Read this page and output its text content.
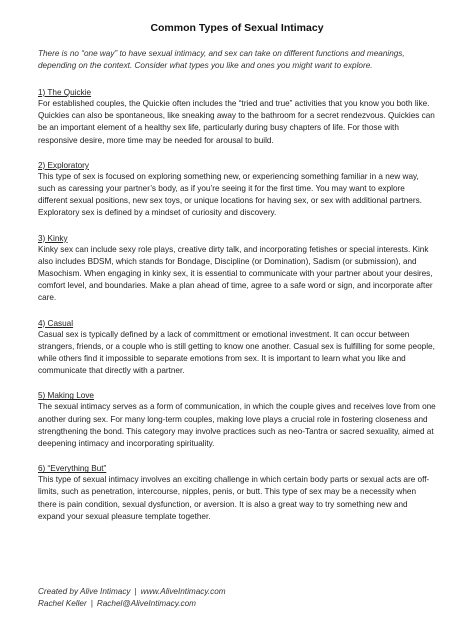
Common Types of Sexual Intimacy

There is no “one way” to have sexual intimacy, and sex can take on different functions and meanings, depending on the context. Consider what types you like and ones you might want to explore.

1) The Quickie

For established couples, the Quickie often includes the “tried and true” activities that you know you both like. Quickies can also be spontaneous, like sneaking away to the bathroom for a secret rendezvous. Quickies can be an important element of a healthy sex life, particularly during busy chapters of life. For those with responsive desire, more time may be needed for arousal to build.

2) Exploratory

This type of sex is focused on exploring something new, or experiencing something familiar in a new way, such as caressing your partner’s body, as if you’re seeing it for the first time. You may want to explore different sexual positions, new sex toys, or unique locations for having sex, or sex with additional partners. Exploratory sex is defined by a mindset of curiosity and discovery.

3) Kinky

Kinky sex can include sexy role plays, creative dirty talk, and incorporating fetishes or special interests. Kink also includes BDSM, which stands for Bondage, Discipline (or Domination), Sadism (or submission), and Masochism. When engaging in kinky sex, it is essential to communicate with your partner about your desires, comfort level, and boundaries. Make a plan ahead of time, agree to a safe word or sign, and incorporate after care.

4) Casual

Casual sex is typically defined by a lack of committment or emotional investment. It can occur between strangers, friends, or a couple who is still getting to know one another. Casual sex is fulfilling for some people, while others find it impossible to separate emotions from sex. It is important to learn what you like and communicate that directly with a partner.

5) Making Love

The sexual intimacy serves as a form of communication, in which the couple gives and receives love from one another during sex. For many long-term couples, making love plays a crucial role in fostering closeness and strengthening the bond. This category may involve practices such as neo-Tantra or sacred sexuality, aimed at deepening intimacy and incorporating spirituality.

6) “Everything But”

This type of sexual intimacy involves an exciting challenge in which certain body parts or sexual acts are off-limits, such as penetration, intercourse, nipples, penis, or butt. This type of sex may be a necessity when there is pain condition, sexual dysfunction, or aversion. It is also a great way to try something new and expand your sexual pleasure template together.

Created by Alive Intimacy | www.AliveIntimacy.com
Rachel Keller | Rachel@AliveIntimacy.com
